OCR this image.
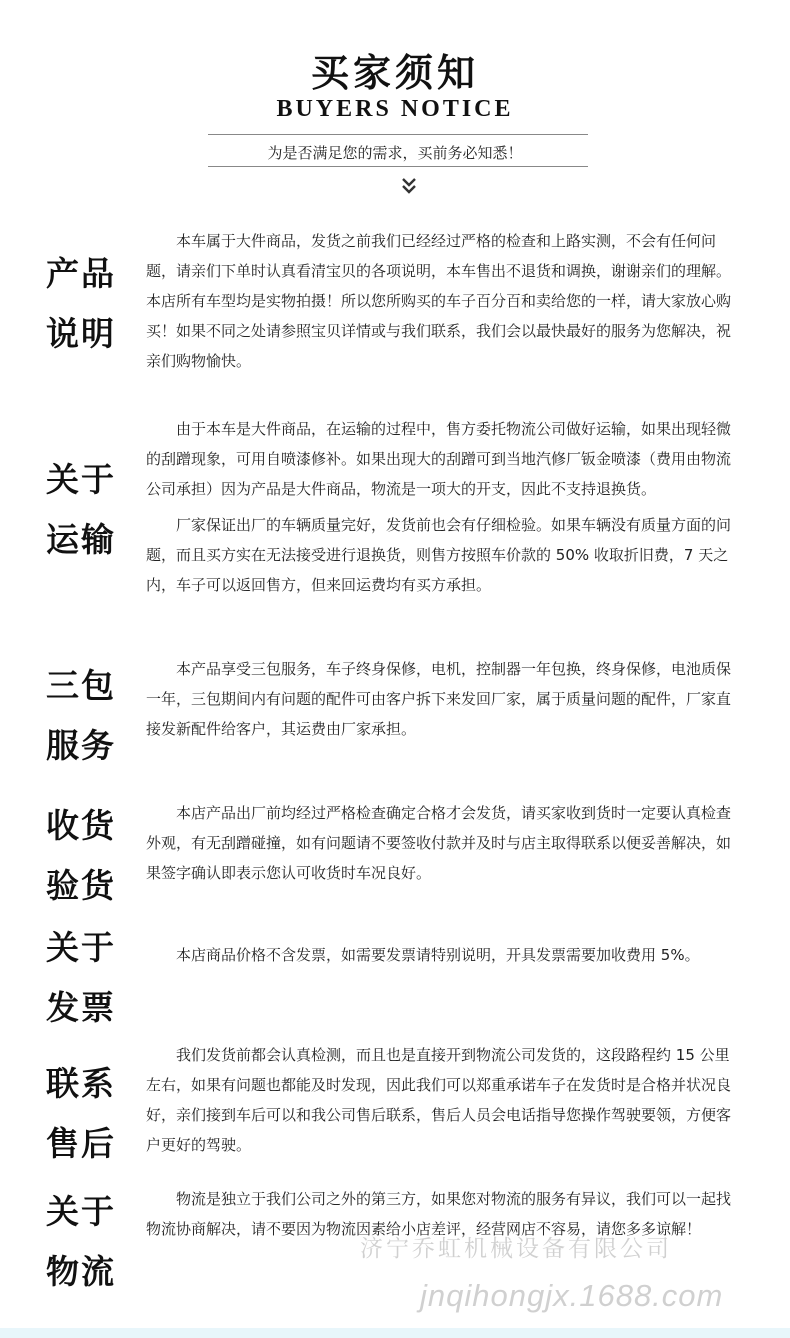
买家须知
BUYERS NOTICE
为是否满足您的需求，买前务必知悉！
产品
说明

本车属于大件商品，发货之前我们已经经过严格的检查和上路实测，不会有任何问题，请亲们下单时认真看清宝贝的各项说明，本车售出不退货和调换，谢谢亲们的理解。本店所有车型均是实物拍摄！所以您所购买的车子百分百和卖给您的一样，请大家放心购买！如果不同之处请参照宝贝详情或与我们联系，我们会以最快最好的服务为您解决，祝亲们购物愉快。

关于
运输

由于本车是大件商品，在运输的过程中，售方委托物流公司做好运输，如果出现轻微的刮蹭现象，可用自喷漆修补。如果出现大的刮蹭可到当地汽修厂钣金喷漆（费用由物流公司承担）因为产品是大件商品，物流是一项大的开支，因此不支持退换货。

厂家保证出厂的车辆质量完好，发货前也会有仔细检验。如果车辆没有质量方面的问题，而且买方实在无法接受进行退换货，则售方按照车价款的 50% 收取折旧费，7 天之内，车子可以返回售方，但来回运费均有买方承担。

三包
服务

本产品享受三包服务，车子终身保修，电机，控制器一年包换，终身保修，电池质保一年，三包期间内有问题的配件可由客户拆下来发回厂家，属于质量问题的配件，厂家直接发新配件给客户，其运费由厂家承担。

收货
验货

本店产品出厂前均经过严格检查确定合格才会发货，请买家收到货时一定要认真检查外观，有无刮蹭碰撞，如有问题请不要签收付款并及时与店主取得联系以便妥善解决，如果签字确认即表示您认可收货时车况良好。

关于
发票

本店商品价格不含发票，如需要发票请特别说明，开具发票需要加收费用 5%。

联系
售后

我们发货前都会认真检测，而且也是直接开到物流公司发货的，这段路程约 15 公里左右，如果有问题也都能及时发现，因此我们可以郑重承诺车子在发货时是合格并状况良好，亲们接到车后可以和我公司售后联系，售后人员会电话指导您操作驾驶要领，方便客户更好的驾驶。

关于
物流

物流是独立于我们公司之外的第三方，如果您对物流的服务有异议，我们可以一起找物流协商解决，请不要因为物流因素给小店差评，经营网店不容易，请您多多谅解！

济宁乔虹机械设备有限公司
jnqihongjx.1688.com
